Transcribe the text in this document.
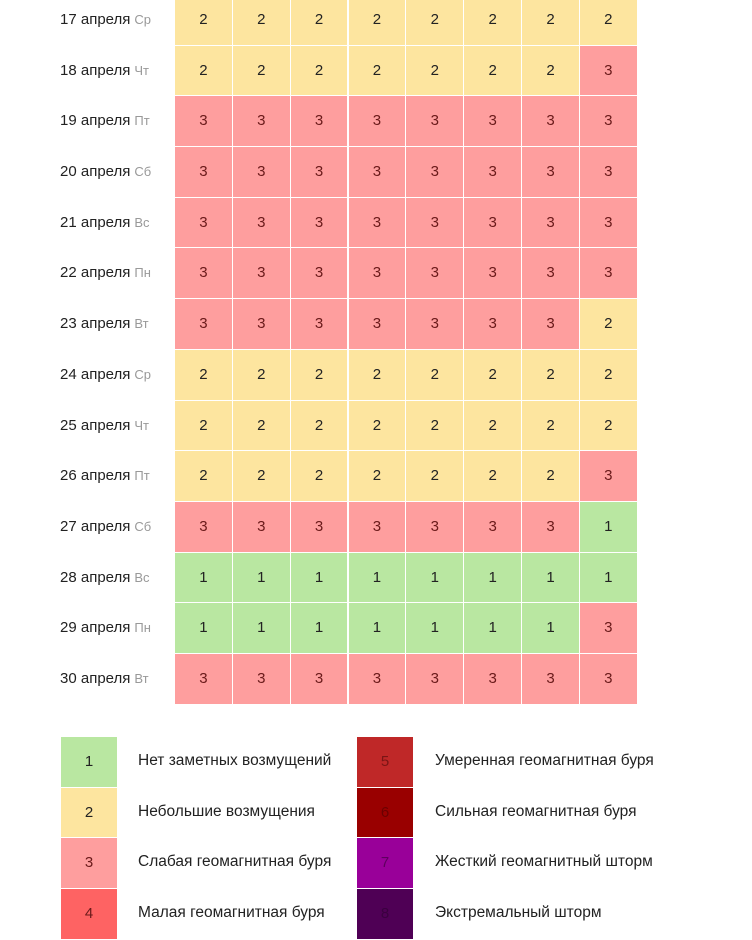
17 апреля Ср	2	2	2	2	2	2	2	2
18 апреля Чт	2	2	2	2	2	2	2	3
19 апреля Пт	3	3	3	3	3	3	3	3
20 апреля Сб	3	3	3	3	3	3	3	3
21 апреля Вс	3	3	3	3	3	3	3	3
22 апреля Пн	3	3	3	3	3	3	3	3
23 апреля Вт	3	3	3	3	3	3	3	2
24 апреля Ср	2	2	2	2	2	2	2	2
25 апреля Чт	2	2	2	2	2	2	2	2
26 апреля Пт	2	2	2	2	2	2	2	3
27 апреля Сб	3	3	3	3	3	3	3	1
28 апреля Вс	1	1	1	1	1	1	1	1
29 апреля Пн	1	1	1	1	1	1	1	3
30 апреля Вт	3	3	3	3	3	3	3	3
1	Нет заметных возмущений
2	Небольшие возмущения
3	Слабая геомагнитная буря
4	Малая геомагнитная буря
5	Умеренная геомагнитная буря
6	Сильная геомагнитная буря
7	Жесткий геомагнитный шторм
8	Экстремальный шторм
